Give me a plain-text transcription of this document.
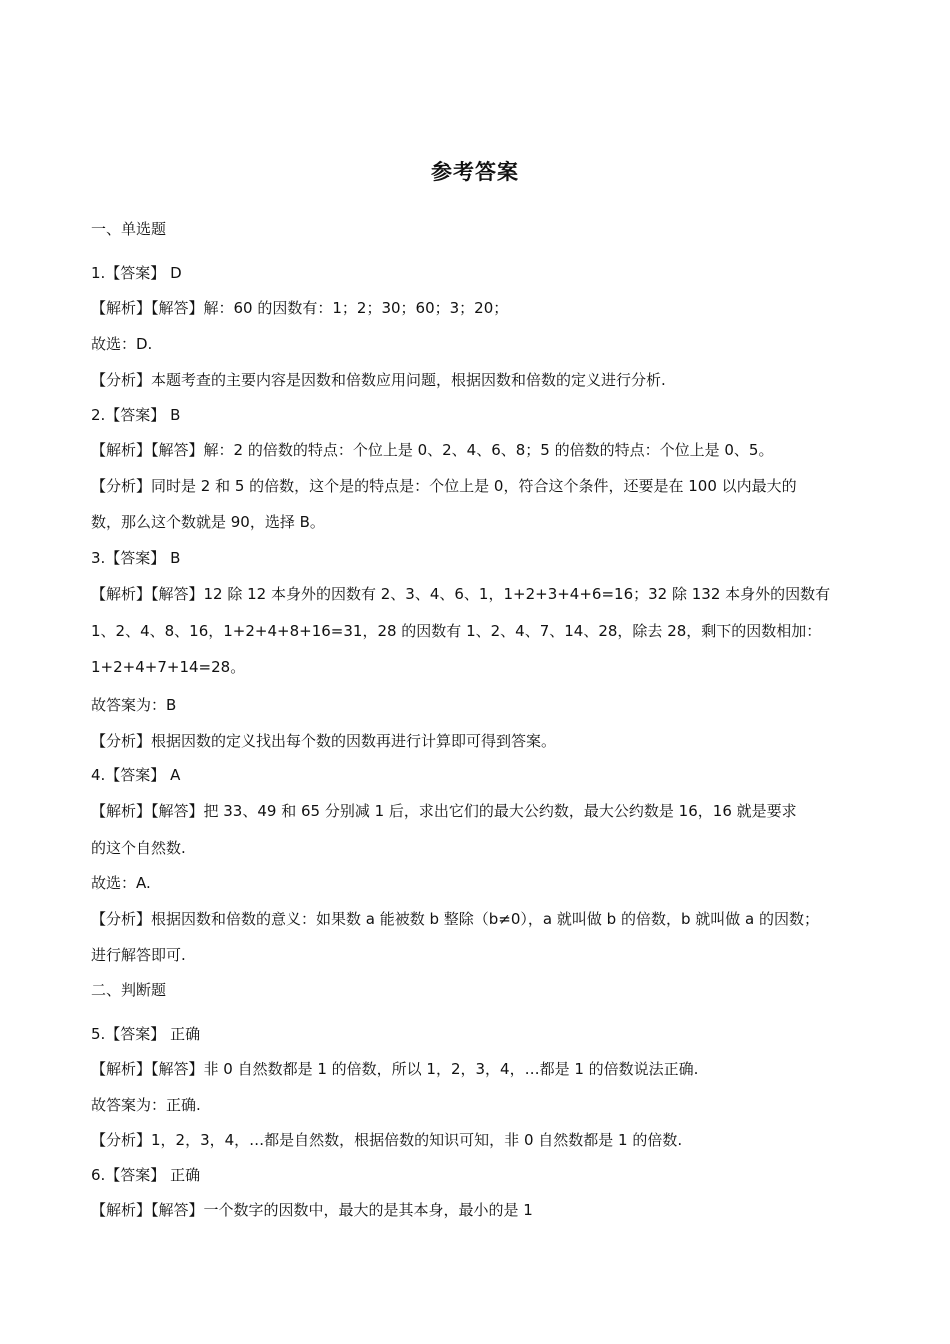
参考答案
一、单选题
1.【答案】 D
【解析】【解答】解：60 的因数有：1；2；30；60；3；20；
故选：D.
【分析】本题考查的主要内容是因数和倍数应用问题，根据因数和倍数的定义进行分析.
2.【答案】 B
【解析】【解答】解：2 的倍数的特点：个位上是 0、2、4、6、8；5 的倍数的特点：个位上是 0、5。
【分析】同时是 2 和 5 的倍数，这个是的特点是：个位上是 0，符合这个条件，还要是在 100 以内最大的
数，那么这个数就是 90，选择 B。
3.【答案】 B
【解析】【解答】12 除 12 本身外的因数有 2、3、4、6、1，1+2+3+4+6=16；32 除 132 本身外的因数有
1、2、4、8、16，1+2+4+8+16=31，28 的因数有 1、2、4、7、14、28，除去 28，剩下的因数相加：
1+2+4+7+14=28。
故答案为：B
【分析】根据因数的定义找出每个数的因数再进行计算即可得到答案。
4.【答案】 A
【解析】【解答】把 33、49 和 65 分别减 1 后，求出它们的最大公约数，最大公约数是 16，16 就是要求
的这个自然数.
故选：A.
【分析】根据因数和倍数的意义：如果数 a 能被数 b 整除（b≠0），a 就叫做 b 的倍数，b 就叫做 a 的因数；
进行解答即可.
二、判断题
5.【答案】 正确
【解析】【解答】非 0 自然数都是 1 的倍数，所以 1，2，3，4，…都是 1 的倍数说法正确.
故答案为：正确.
【分析】1，2，3，4，…都是自然数，根据倍数的知识可知，非 0 自然数都是 1 的倍数.
6.【答案】 正确
【解析】【解答】一个数字的因数中，最大的是其本身，最小的是 1
